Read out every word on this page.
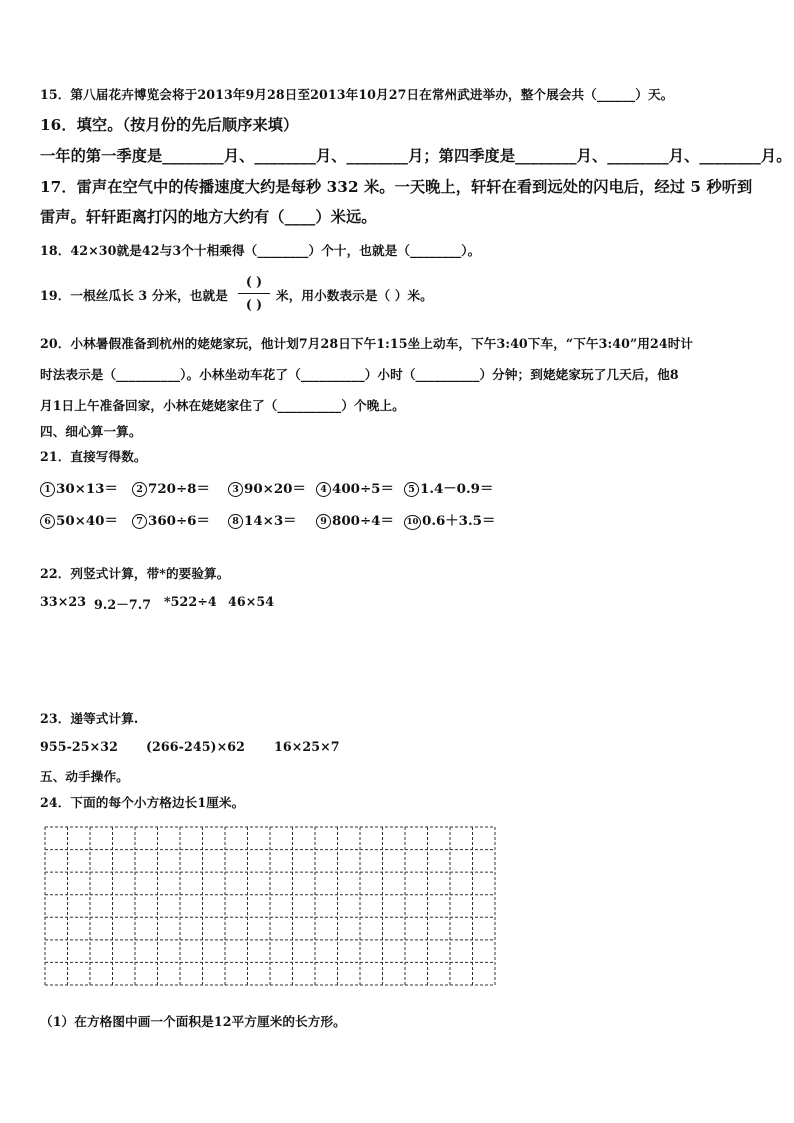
15．第八届花卉博览会将于2013年9月28日至2013年10月27日在常州武进举办，整个展会共（______）天。
16．填空。（按月份的先后顺序来填）
一年的第一季度是________月、________月、________月；第四季度是________月、________月、________月。
17．雷声在空气中的传播速度大约是每秒 332 米。一天晚上，轩轩在看到远处的闪电后，经过 5 秒听到
雷声。轩轩距离打闪的地方大约有（____）米远。
18．42×30就是42与3个十相乘得（________）个十，也就是（________）。
19．一根丝瓜长 3 分米，也就是
( )
( )
米，用小数表示是（ ）米。
20．小林暑假准备到杭州的姥姥家玩，他计划7月28日下午1:15坐上动车，下午3:40下车，“下午3:40”用24时计
时法表示是（__________）。小林坐动车花了（__________）小时（__________）分钟；到姥姥家玩了几天后，他8
月1日上午准备回家，小林在姥姥家住了（__________）个晚上。
四、细心算一算。
21．直接写得数。
1 30×13＝	2 720÷8＝	3 90×20＝	4 400÷5＝	5 1.4－0.9＝
6 50×40＝	7 360÷6＝	8 14×3＝	9 800÷4＝	10 0.6＋3.5＝
22．列竖式计算，带*的要验算。
33×23 9.2－7.7 *522÷4 46×54
23．递等式计算.
955-25×32 (266-245)×62 16×25×7
五、动手操作。
24．下面的每个小方格边长1厘米。
（1）在方格图中画一个面积是12平方厘米的长方形。
